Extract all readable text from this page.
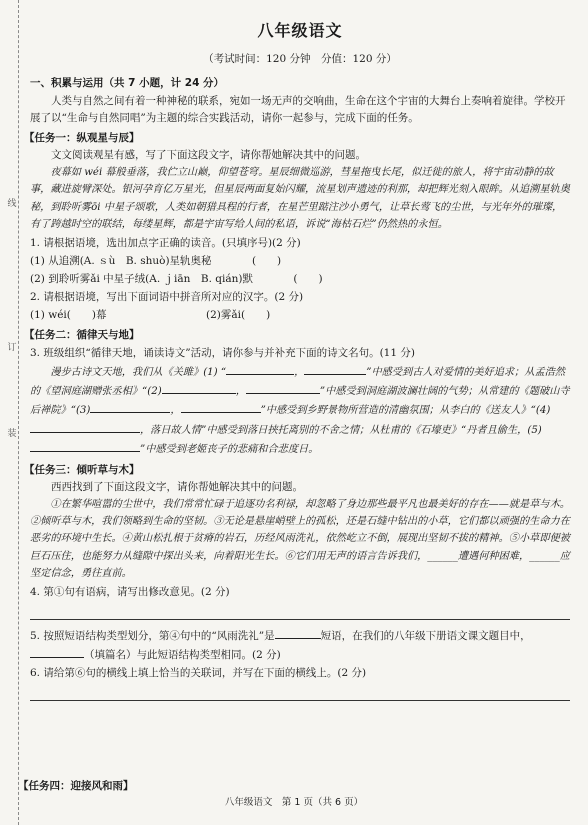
线
订
装
八年级语文
（考试时间：120 分钟　分值：120 分）
一、积累与运用（共 7 小题，计 24 分）

人类与自然之间有着一种神秘的联系，宛如一场无声的交响曲，生命在这个宇宙的大舞台上奏响着旋律。学校开展了以“生命与自然同唱”为主题的综合实践活动，请你一起参与，完成下面的任务。

【任务一：纵观星与辰】

文文阅读观星有感，写了下面这段文字，请你帮她解决其中的问题。

夜幕如 wéi 幕般垂落，我伫立山巅，仰望苍穹。星辰细微巡游，彗星拖曳长尾，似迁徙的旅人，将宇宙动静的故事，藏进旋臂深处。银河孕育亿万星光，但星辰两面复始闪耀，流星划声遗迹的利那，却把辉光刻入眼眸。从追溯星轨奥秘，到聆听雾ōi 中星子颂歌，人类如朝猎具程的行者，在星芒里踮注沙小勇气，让草长莺飞的尘世，与光年外的璀璨，有了跨越时空的联结，每缕星辉，都是宇宙写给人间的私语，诉说“海枯石烂”仍然热的永恒。

1. 请根据语境，选出加点字正确的读音。(只填序号)(2 分)

(1) 从追溯(A. ｓù　B. shuò)星轨奥秘	(　　)
(2) 到聆听雾ǎi 中星子绒(A. ｊiān　B. qián)默	(　　)

2. 请根据语境，写出下面词语中拼音所对应的汉字。(2 分)

(1) wéi(　　)幕	(2)雾ǎi(　　)
【任务二：循律天与地】

3. 班级组织“循律天地，诵读诗文”活动，请你参与并补充下面的诗文名句。(11 分)

漫步古诗文天地，我们从《关雎》(1) “	，	”中感受到古人对爱情的美好追求；从孟浩然的《望洞庭湖赠张丞相》“(2)	，	”中感受到洞庭湖波澜壮阔的气势；从常建的《题破山寺后禅院》“(3)	，	”中感受到乡野景物所营造的清幽氛围；从李白的《送友人》“(4)，落日故人情”中感受到落日挟托离别的不舍之情；从杜甫的《石壕吏》“丹者且偷生，(5)”中感受到老姬丧子的悲痛和合悲度日。

【任务三：倾听草与木】

西西找到了下面这段文字，请你帮她解决其中的问题。

①在繁华喧嚣的尘世中，我们常常忙碌于追逐功名利禄，却忽略了身边那些最平凡也最美好的存在——就是草与木。②倾听草与木，我们领略到生命的坚韧。③无论是悬崖峭壁上的孤松，还是石缝中钻出的小草，它们都以顽强的生命力在恶劣的环境中生长。④黄山松扎根于贫瘠的岩石，历经风雨洗礼，依然屹立不倒，展现出坚韧不拔的精神。⑤小草即便被巨石压住，也能努力从缝隙中探出头来，向着阳光生长。⑥它们用无声的语言告诉我们，______遭遇何种困难，______应坚定信念，勇往直前。

4. 第①句有语病，请写出修改意见。(2 分)

5. 按照短语结构类型划分，第④句中的“风雨洗礼”是	短语，在我们的八年级下册语文课文题目中，（填篇名）与此短语结构类型相同。(2 分)

6. 请给第⑥句的横线上填上恰当的关联词，并写在下面的横线上。(2 分)

【任务四：迎接风和雨】
八年级语文　第 1 页（共 6 页）
